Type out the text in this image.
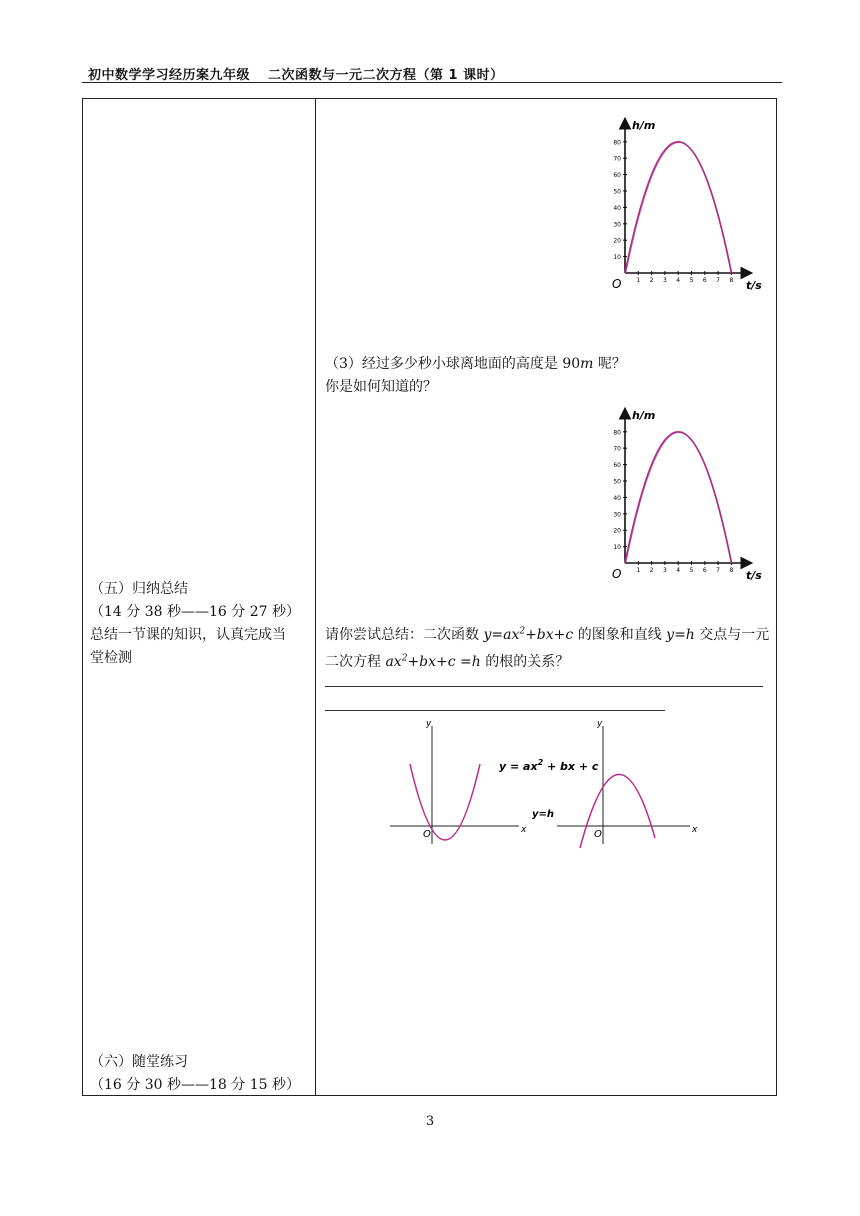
初中数学学习经历案九年级 二次函数与一元二次方程（第 1 课时）
（五）归纳总结
（14 分 38 秒——16 分 27 秒）
总结一节课的知识，认真完成当
堂检测
（六）随堂练习
（16 分 30 秒——18 分 15 秒）
10
20
30
40
50
60
70
80
1 2 3 4 5 6 7 8
h/m
t/s
O
（3）经过多少秒小球离地面的高度是 90m 呢？
你是如何知道的？
10
20
30
40
50
60
70
80
1 2 3 4 5 6 7 8
h/m
t/s
O
请你尝试总结：二次函数 $y=ax^2+bx+c$ 的图象和直线 y=h 交点与一元
二次方程 $ax^2+bx+c =h$ 的根的关系？
y
x
O
y
x
O
$y = ax^2$ + bx + c
y=h
3
